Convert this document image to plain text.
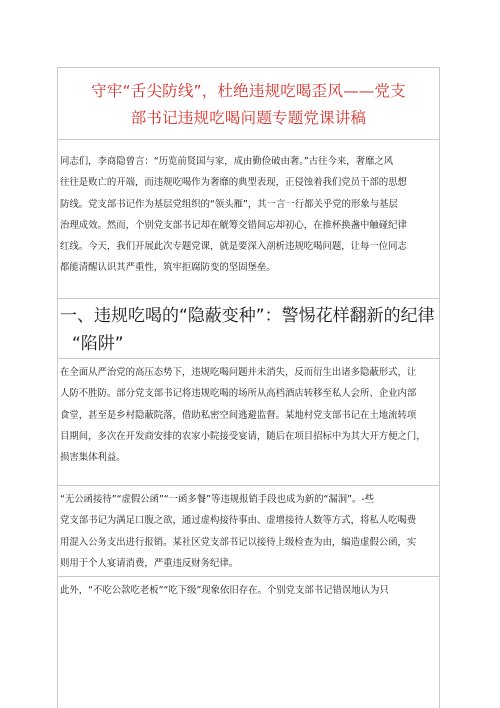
守牢“舌尖防线”，杜绝违规吃喝歪风——党支
部书记违规吃喝问题专题党课讲稿

同志们，李商隐曾言：“历览前贤国与家，成由勤俭破由奢。”古往今来，奢靡之风
往往是败亡的开端，而违规吃喝作为奢靡的典型表现，正侵蚀着我们党员干部的思想
防线。党支部书记作为基层党组织的“领头雁”，其一言一行都关乎党的形象与基层
治理成效。然而，个别党支部书记却在觥筹交错间忘却初心，在推杯换盏中触碰纪律
红线。今天，我们开展此次专题党课，就是要深入剖析违规吃喝问题，让每一位同志
都能清醒认识其严重性，筑牢拒腐防变的坚固堡垒。

一、违规吃喝的“隐蔽变种”：警惕花样翻新的纪律
“陷阱”

在全面从严治党的高压态势下，违规吃喝问题并未消失，反而衍生出诸多隐蔽形式，让
人防不胜防。部分党支部书记将违规吃喝的场所从高档酒店转移至私人会所、企业内部
食堂，甚至是乡村隐蔽院落，借助私密空间逃避监督。某地村党支部书记在土地流转项
目期间，多次在开发商安排的农家小院接受宴请，随后在项目招标中为其大开方便之门，
损害集体利益。

“无公函接待”“虚假公函”“一函多餐”等违规报销手段也成为新的“漏洞”。-些
党支部书记为满足口腹之欲，通过虚构接待事由、虚增接待人数等方式，将私人吃喝费
用混入公务支出进行报销。某社区党支部书记以接待上级检查为由，编造虚假公函，实
则用于个人宴请消费，严重违反财务纪律。

此外，“不吃公款吃老板”“吃下级”现象依旧存在。个别党支部书记错误地认为只
